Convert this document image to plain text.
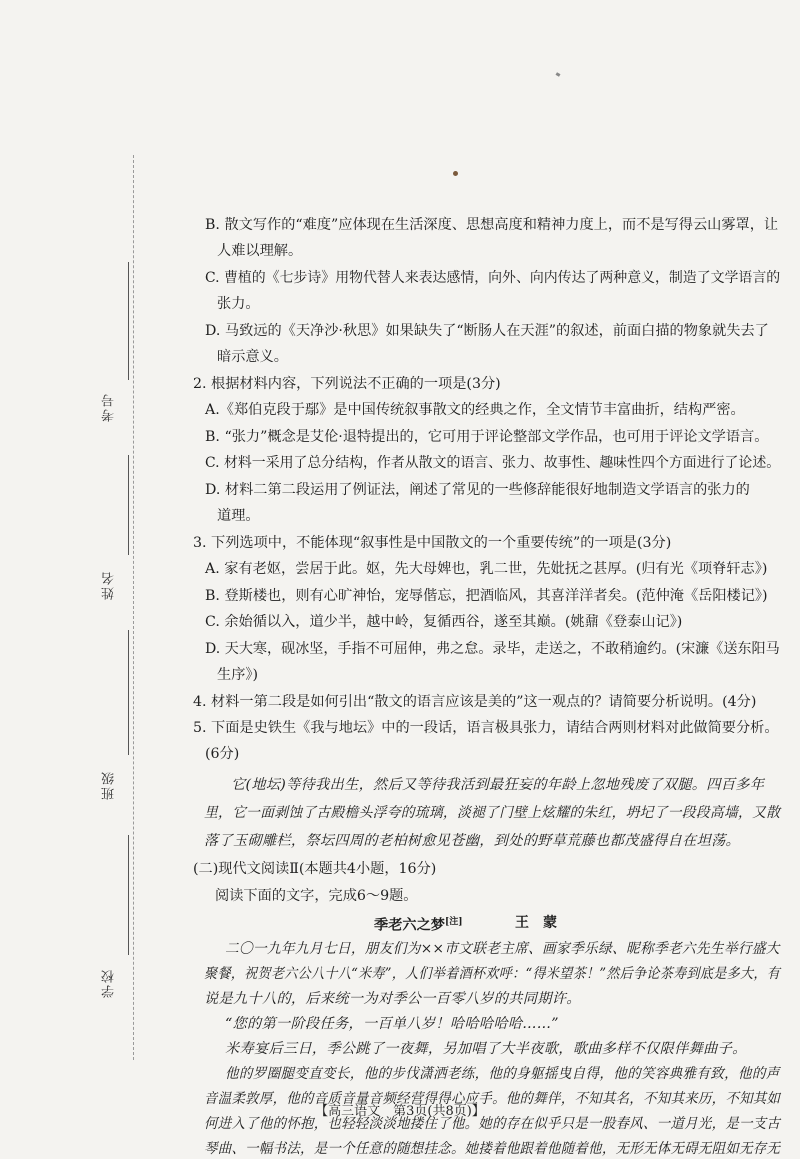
考号
姓名
班级
学校
B. 散文写作的“难度”应体现在生活深度、思想高度和精神力度上，而不是写得云山雾罩，让
人难以理解。
C. 曹植的《七步诗》用物代替人来表达感情，向外、向内传达了两种意义，制造了文学语言的
张力。
D. 马致远的《天净沙·秋思》如果缺失了“断肠人在天涯”的叙述，前面白描的物象就失去了
暗示意义。
2. 根据材料内容，下列说法不正确的一项是(3分)
A.《郑伯克段于鄢》是中国传统叙事散文的经典之作，全文情节丰富曲折，结构严密。
B. “张力”概念是艾伦·退特提出的，它可用于评论整部文学作品，也可用于评论文学语言。
C. 材料一采用了总分结构，作者从散文的语言、张力、故事性、趣味性四个方面进行了论述。
D. 材料二第二段运用了例证法，阐述了常见的一些修辞能很好地制造文学语言的张力的
道理。
3. 下列选项中，不能体现“叙事性是中国散文的一个重要传统”的一项是(3分)
A. 家有老妪，尝居于此。妪，先大母婢也，乳二世，先妣抚之甚厚。(归有光《项脊轩志》)
B. 登斯楼也，则有心旷神怡，宠辱偕忘，把酒临风，其喜洋洋者矣。(范仲淹《岳阳楼记》)
C. 余始循以入，道少半，越中岭，复循西谷，遂至其巅。(姚鼐《登泰山记》)
D. 天大寒，砚冰坚，手指不可屈伸，弗之怠。录毕，走送之，不敢稍逾约。(宋濂《送东阳马
生序》)
4. 材料一第二段是如何引出“散文的语言应该是美的”这一观点的？请简要分析说明。(4分)
5. 下面是史铁生《我与地坛》中的一段话，语言极具张力，请结合两则材料对此做简要分析。
(6分)
它(地坛)等待我出生，然后又等待我活到最狂妄的年龄上忽地残废了双腿。四百多年
里，它一面剥蚀了古殿檐头浮夸的琉璃，淡褪了门壁上炫耀的朱红，坍圮了一段段高墙，又散
落了玉砌雕栏，祭坛四周的老柏树愈见苍幽，到处的野草荒藤也都茂盛得自在坦荡。
(二)现代文阅读Ⅱ(本题共4小题，16分)
阅读下面的文字，完成6～9题。
季老六之梦[注]	王　蒙
二〇一九年九月七日，朋友们为××市文联老主席、画家季乐绿、昵称季老六先生举行盛大
聚餐，祝贺老六公八十八“米寿”，人们举着酒杯欢呼：“得米望茶！”然后争论茶寿到底是多大，有
说是九十八的，后来统一为对季公一百零八岁的共同期许。
“您的第一阶段任务，一百单八岁！哈哈哈哈哈……”
米寿宴后三日，季公跳了一夜舞，另加唱了大半夜歌，歌曲多样不仅限伴舞曲子。
他的罗圈腿变直变长，他的步伐潇洒老练，他的身躯摇曳自得，他的笑容典雅有致，他的声
音温柔敦厚，他的音质音量音频经营得得心应手。他的舞伴，不知其名，不知其来历，不知其如
何进入了他的怀抱，也轻轻淡淡地搂住了他。她的存在似乎只是一股春风、一道月光，是一支古
琴曲、一幅书法，是一个任意的随想挂念。她搂着他跟着他随着他，无形无体无碍无阻如无存无
【高三语文　第3页(共8页)】
